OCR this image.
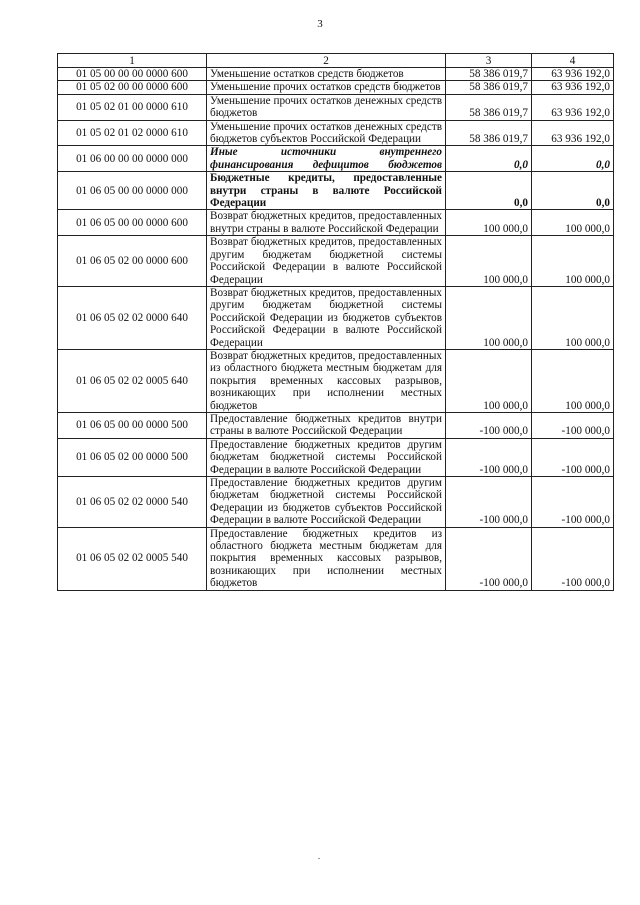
3
1	2	3	4
01 05 00 00 00 0000 600	Уменьшение остатков средств бюджетов	58 386 019,7	63 936 192,0
01 05 02 00 00 0000 600	Уменьшение прочих остатков средств бюджетов	58 386 019,7	63 936 192,0
01 05 02 01 00 0000 610	Уменьшение прочих остатков денежных средств бюджетов	58 386 019,7	63 936 192,0
01 05 02 01 02 0000 610	Уменьшение прочих остатков денежных средств бюджетов субъектов Российской Федерации	58 386 019,7	63 936 192,0
01 06 00 00 00 0000 000	Иные источники внутреннего финансирования дефицитов бюджетов	0,0	0,0
01 06 05 00 00 0000 000	Бюджетные кредиты, предоставленные внутри страны в валюте Российской Федерации	0,0	0,0
01 06 05 00 00 0000 600	Возврат бюджетных кредитов, предоставленных внутри страны в валюте Российской Федерации	100 000,0	100 000,0
01 06 05 02 00 0000 600	Возврат бюджетных кредитов, предоставленных другим бюджетам бюджетной системы Российской Федерации в валюте Российской Федерации	100 000,0	100 000,0
01 06 05 02 02 0000 640	Возврат бюджетных кредитов, предоставленных другим бюджетам бюджетной системы Российской Федерации из бюджетов субъектов Российской Федерации в валюте Российской Федерации	100 000,0	100 000,0
01 06 05 02 02 0005 640	Возврат бюджетных кредитов, предоставленных из областного бюджета местным бюджетам для покрытия временных кассовых разрывов, возникающих при исполнении местных бюджетов	100 000,0	100 000,0
01 06 05 00 00 0000 500	Предоставление бюджетных кредитов внутри страны в валюте Российской Федерации	-100 000,0	-100 000,0
01 06 05 02 00 0000 500	Предоставление бюджетных кредитов другим бюджетам бюджетной системы Российской Федерации в валюте Российской Федерации	-100 000,0	-100 000,0
01 06 05 02 02 0000 540	Предоставление бюджетных кредитов другим бюджетам бюджетной системы Российской Федерации из бюджетов субъектов Российской Федерации в валюте Российской Федерации	-100 000,0	-100 000,0
01 06 05 02 02 0005 540	Предоставление бюджетных кредитов из областного бюджета местным бюджетам для покрытия временных кассовых разрывов, возникающих при исполнении местных бюджетов	-100 000,0	-100 000,0
